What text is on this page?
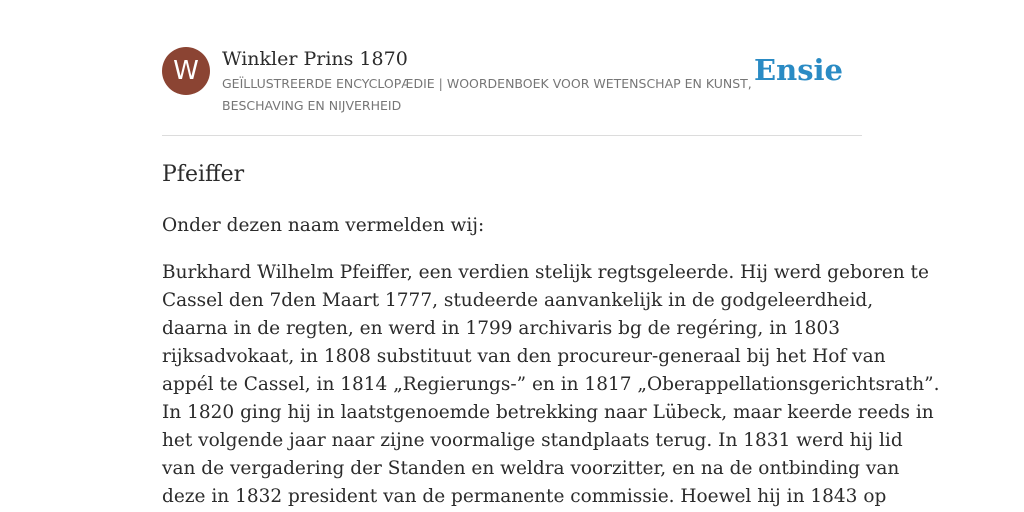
W	Winkler Prins 1870
GEÏLLUSTREERDE ENCYCLOPÆDIE | WOORDENBOEK VOOR WETENSCHAP EN KUNST, BESCHAVING EN NIJVERHEID
Ensie
Pfeiffer

Onder dezen naam vermelden wij:

Burkhard Wilhelm Pfeiffer, een verdien stelijk regtsgeleerde. Hij werd geboren te
Cassel den 7den Maart 1777, studeerde aanvankelijk in de godgeleerdheid,
daarna in de regten, en werd in 1799 archivaris bg de regéring, in 1803
rijksadvokaat, in 1808 substituut van den procureur-generaal bij het Hof van
appél te Cassel, in 1814 „Regierungs-” en in 1817 „Oberappellationsgerichtsrath”.
In 1820 ging hij in laatstgenoemde betrekking naar Lübeck, maar keerde reeds in
het volgende jaar naar zijne voormalige standplaats terug. In 1831 werd hij lid
van de vergadering der Standen en weldra voorzitter, en na de ontbinding van
deze in 1832 president van de permanente commissie. Hoewel hij in 1843 op
